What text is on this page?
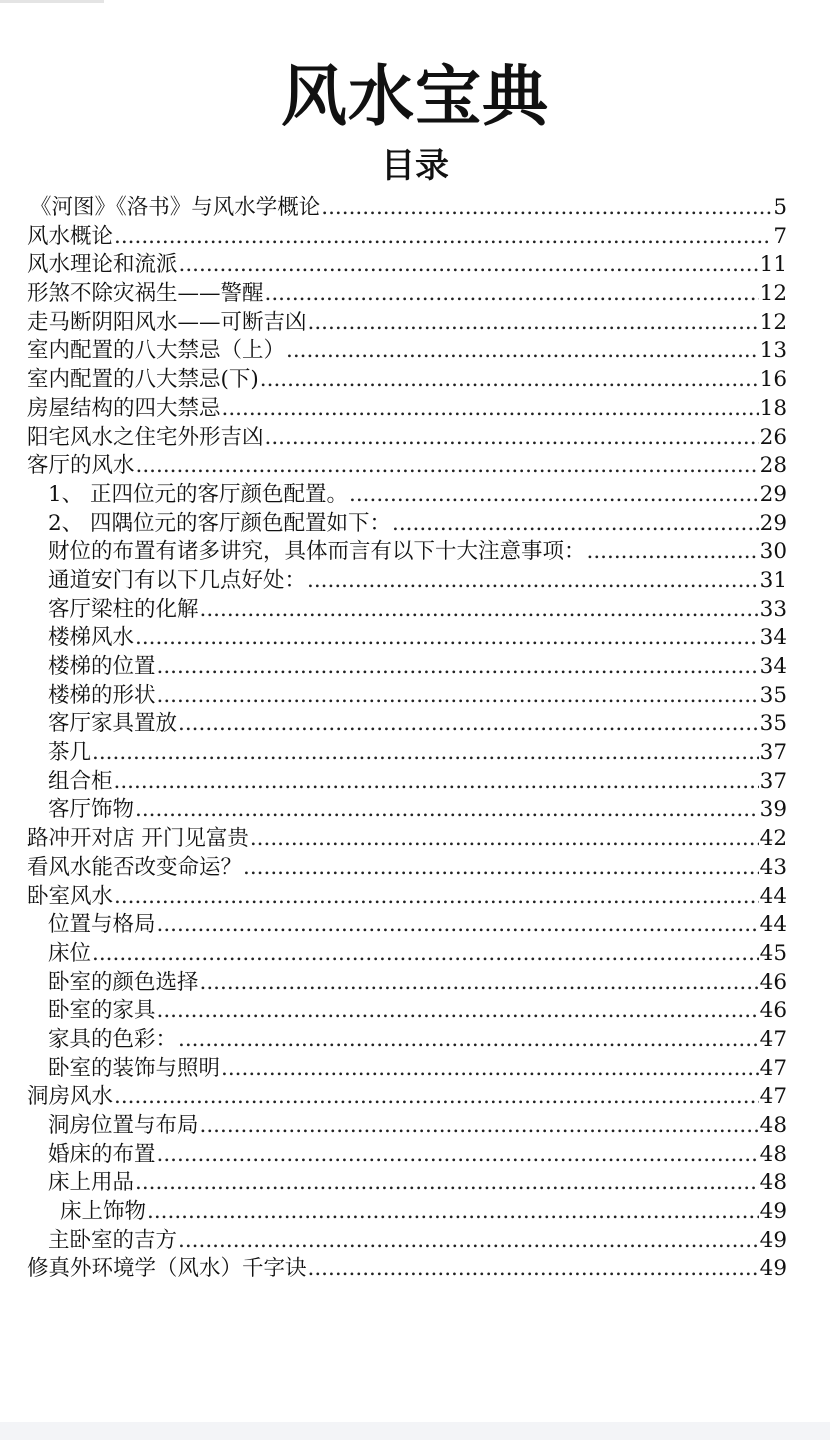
风水宝典
目录
《河图》《洛书》与风水学概论 .....	5
风水概论 .....	7
风水理论和流派 .....	11
形煞不除灾祸生——警醒 .....	12
走马断阴阳风水——可断吉凶 .....	12
室内配置的八大禁忌（上） .....	13
室内配置的八大禁忌(下) .....	16
房屋结构的四大禁忌 .....	18
阳宅风水之住宅外形吉凶 .....	26
客厅的风水 .....	28
1、 正四位元的客厅颜色配置。 .....	29
2、 四隅位元的客厅颜色配置如下： .....	29
财位的布置有诸多讲究，具体而言有以下十大注意事项： .....	30
通道安门有以下几点好处： .....	31
客厅梁柱的化解 .....	33
楼梯风水 .....	34
楼梯的位置 .....	34
楼梯的形状 .....	35
客厅家具置放 .....	35
茶几 .....	37
组合柜 .....	37
客厅饰物 .....	39
路冲开对店 开门见富贵 .....	42
看风水能否改变命运？ .....	43
卧室风水 .....	44
位置与格局 .....	44
床位 .....	45
卧室的颜色选择 .....	46
卧室的家具 .....	46
家具的色彩： .....	47
卧室的装饰与照明 .....	47
洞房风水 .....	47
洞房位置与布局 .....	48
婚床的布置 .....	48
床上用品 .....	48
床上饰物 .....	49
主卧室的吉方 .....	49
修真外环境学（风水）千字诀 .....	49
